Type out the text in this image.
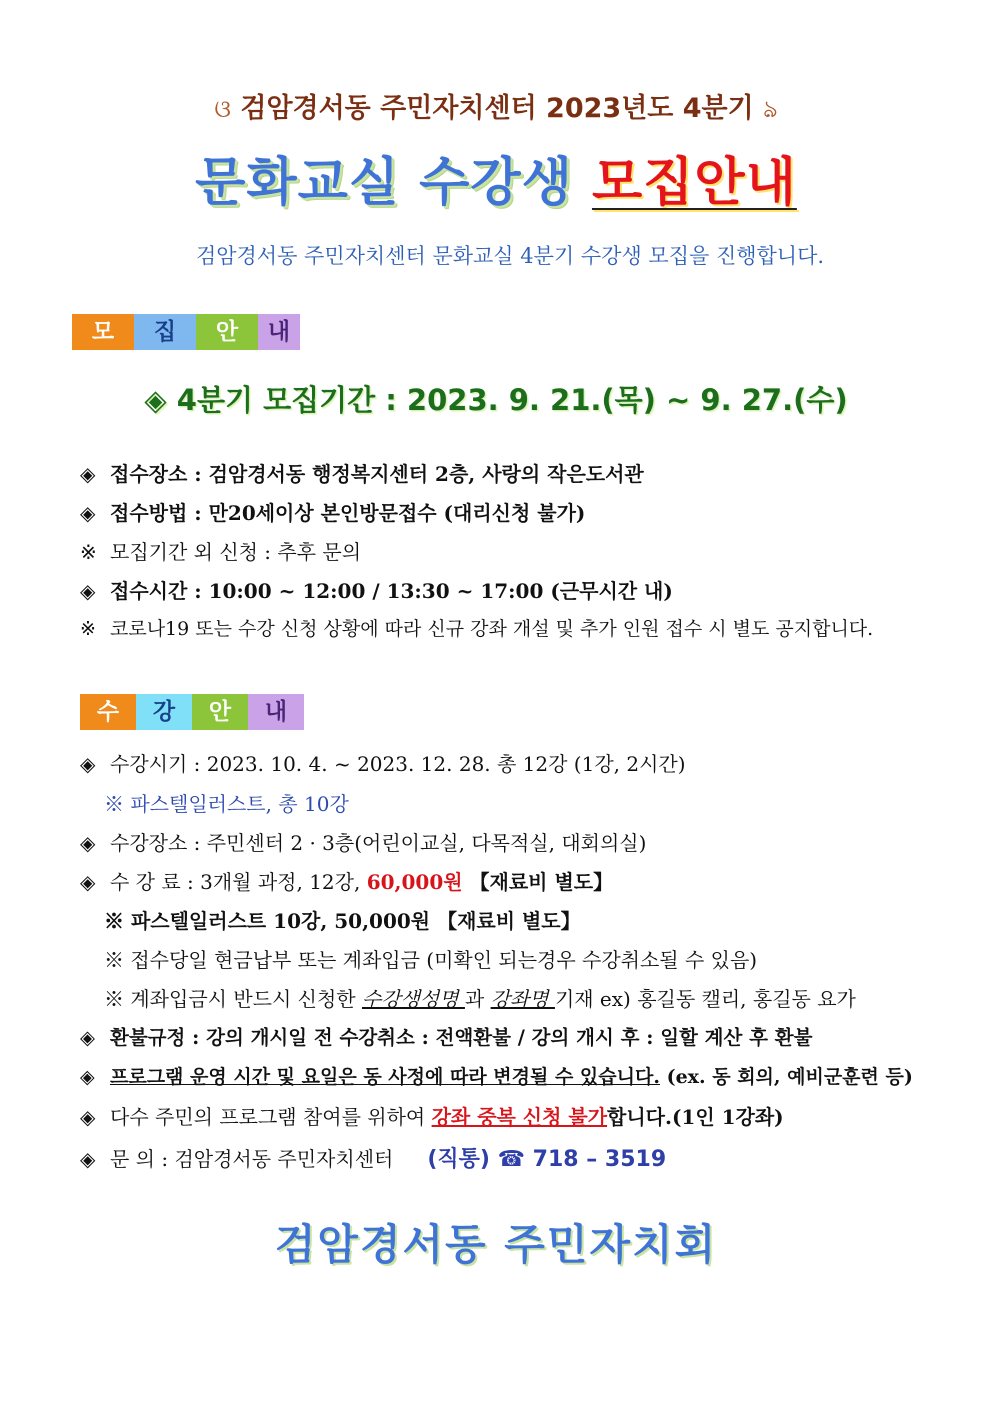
ଓ 검암경서동 주민자치센터 2023년도 4분기 ঌ
문화교실 수강생 모집안내
검암경서동 주민자치센터 문화교실 4분기 수강생 모집을 진행합니다.
모	집	안	내
◈ 4분기 모집기간 : 2023. 9. 21.(목) ~ 9. 27.(수)
◈ 접수장소 : 검암경서동 행정복지센터 2층, 사랑의 작은도서관
◈ 접수방법 : 만20세이상 본인방문접수 (대리신청 불가)
※ 모집기간 외 신청 : 추후 문의
◈ 접수시간 : 10:00 ~ 12:00 / 13:30 ~ 17:00 (근무시간 내)
※ 코로나19 또는 수강 신청 상황에 따라 신규 강좌 개설 및 추가 인원 접수 시 별도 공지합니다.
수	강	안	내
◈ 수강시기 : 2023. 10. 4. ~ 2023. 12. 28. 총 12강 (1강, 2시간)
※ 파스텔일러스트, 총 10강
◈ 수강장소 : 주민센터 2 · 3층(어린이교실, 다목적실, 대회의실)
◈ 수 강 료 : 3개월 과정, 12강, 60,000원 【재료비 별도】
※ 파스텔일러스트 10강, 50,000원 【재료비 별도】
※ 접수당일 현금납부 또는 계좌입금 (미확인 되는경우 수강취소될 수 있음)
※ 계좌입금시 반드시 신청한 수강생성명 과 강좌명 기재 ex) 홍길동 캘리, 홍길동 요가
◈ 환불규정 : 강의 개시일 전 수강취소 : 전액환불 / 강의 개시 후 : 일할 계산 후 환불
◈ 프로그램 운영 시간 및 요일은 동 사정에 따라 변경될 수 있습니다. (ex. 동 회의, 예비군훈련 등)
◈ 다수 주민의 프로그램 참여를 위하여 강좌 중복 신청 불가합니다.(1인 1강좌)
◈ 문 의 : 검암경서동 주민자치센터 (직통) ☎ 718 – 3519
검암경서동 주민자치회
